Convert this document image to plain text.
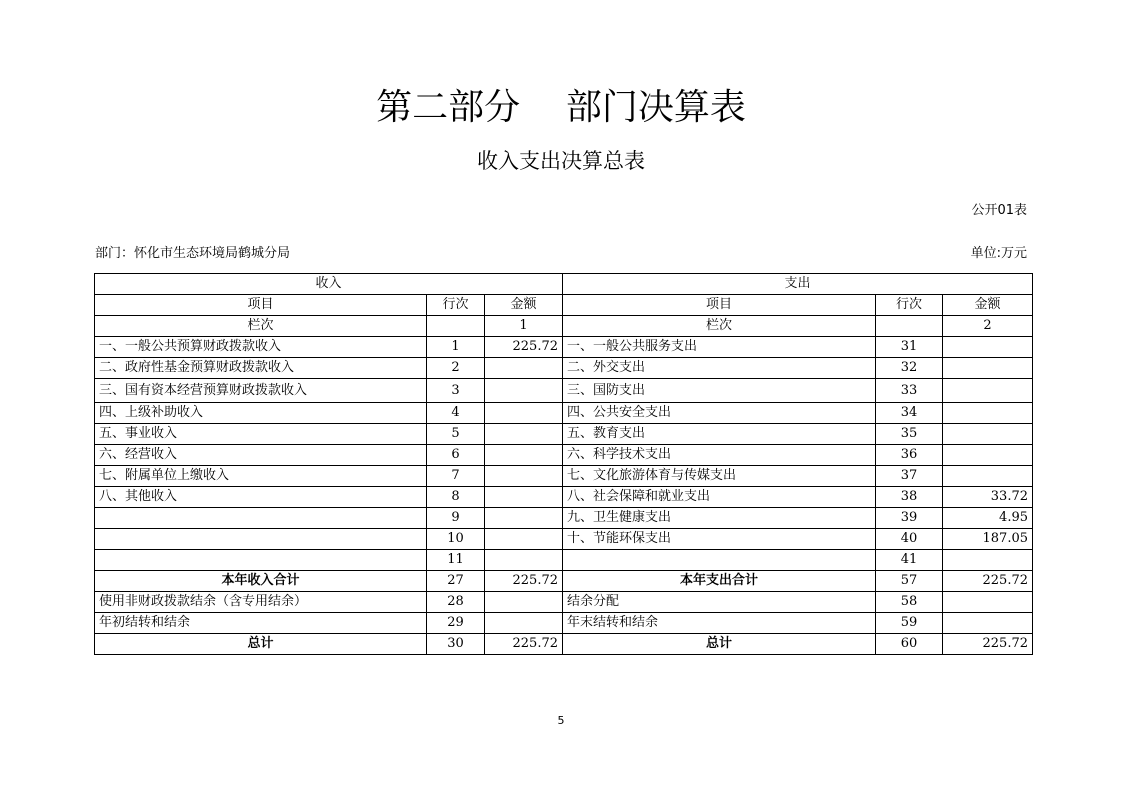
第二部分    部门决算表
收入支出决算总表
公开01表
部门：怀化市生态环境局鹤城分局	单位:万元
收入			支出		
项目	行次	金额	项目	行次	金额
栏次		1	栏次		2
一、一般公共预算财政拨款收入	1	225.72	一、一般公共服务支出	31	
二、政府性基金预算财政拨款收入	2		二、外交支出	32	
三、国有资本经营预算财政拨款收入	3		三、国防支出	33	
四、上级补助收入	4		四、公共安全支出	34	
五、事业收入	5		五、教育支出	35	
六、经营收入	6		六、科学技术支出	36	
七、附属单位上缴收入	7		七、文化旅游体育与传媒支出	37	
八、其他收入	8		八、社会保障和就业支出	38	33.72
	9		九、卫生健康支出	39	4.95
	10		十、节能环保支出	40	187.05
	11			41	
本年收入合计	27	225.72	本年支出合计	57	225.72
使用非财政拨款结余（含专用结余）	28		结余分配	58	
年初结转和结余	29		年末结转和结余	59	
总计	30	225.72	总计	60	225.72
5
